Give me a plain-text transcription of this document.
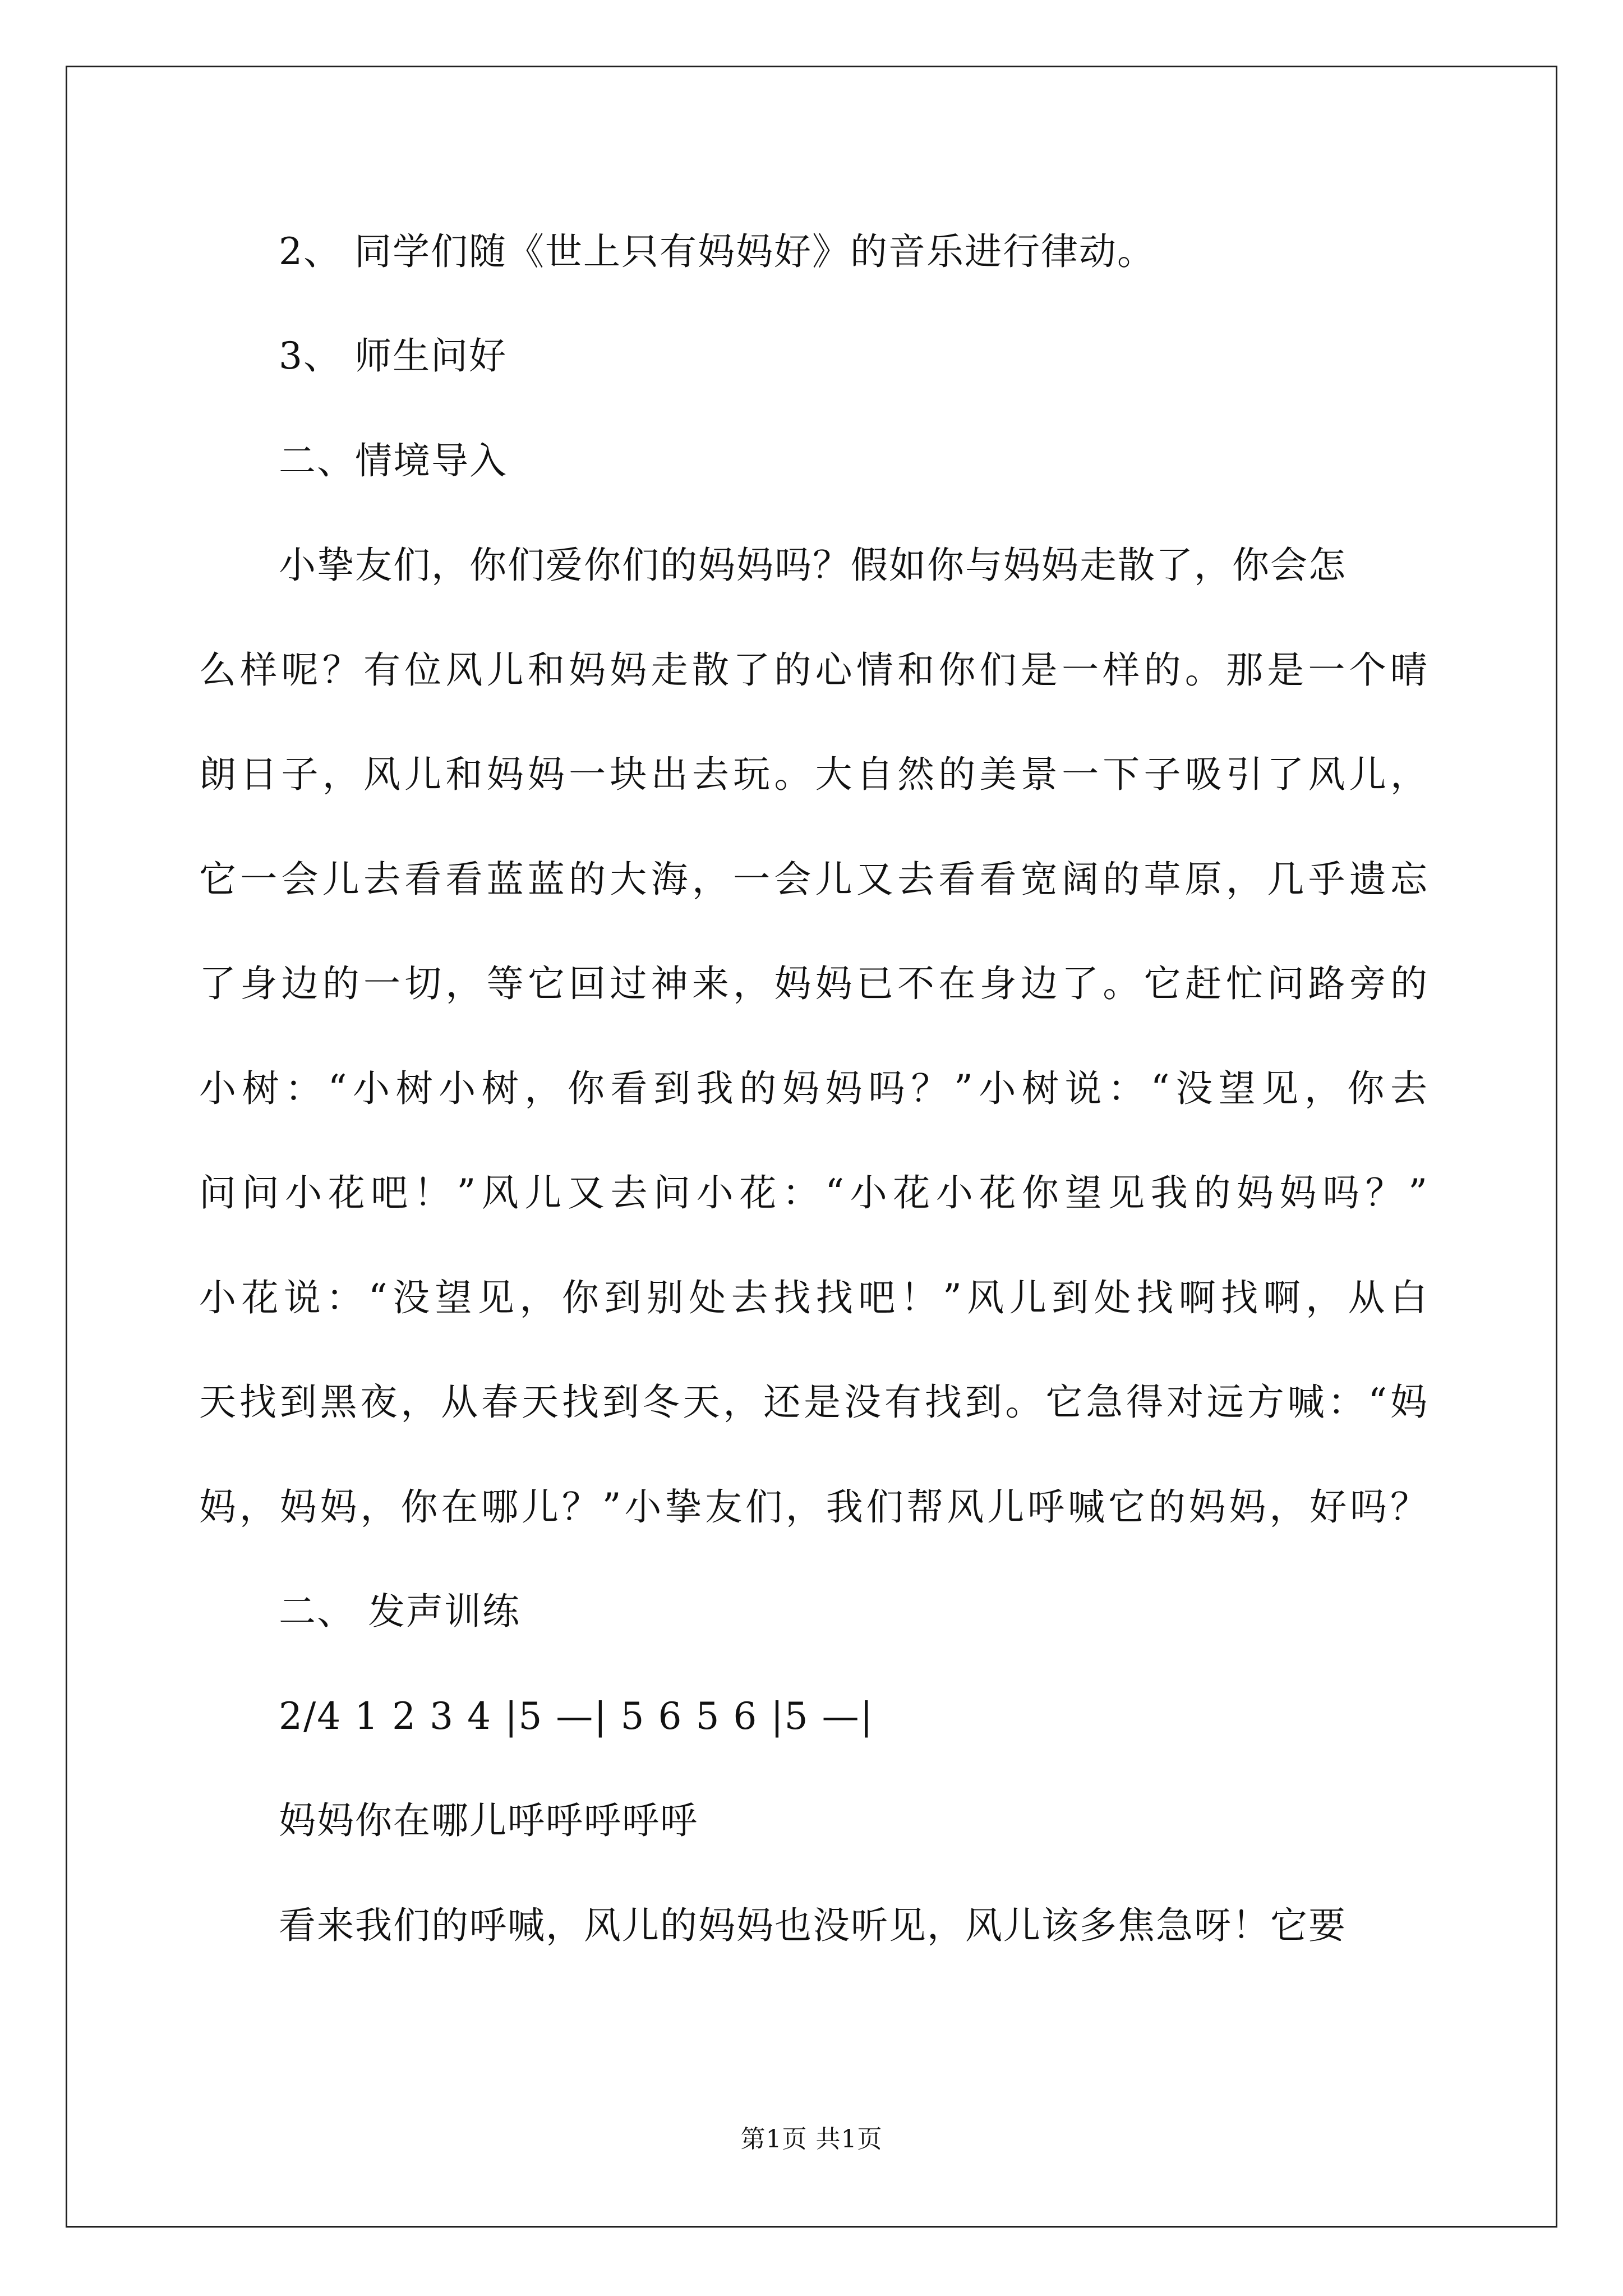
2、 同学们随《世上只有妈妈好》的音乐进行律动。
3、 师生问好
二、情境导入
小挚友们，你们爱你们的妈妈吗？假如你与妈妈走散了，你会怎
么样呢？有位风儿和妈妈走散了的心情和你们是一样的。那是一个晴
朗日子，风儿和妈妈一块出去玩。大自然的美景一下子吸引了风儿，
它一会儿去看看蓝蓝的大海，一会儿又去看看宽阔的草原，几乎遗忘
了身边的一切，等它回过神来，妈妈已不在身边了。它赶忙问路旁的
小树：“小树小树，你看到我的妈妈吗？”小树说：“没望见，你去
问问小花吧！”风儿又去问小花：“小花小花你望见我的妈妈吗？”
小花说：“没望见，你到别处去找找吧！”风儿到处找啊找啊，从白
天找到黑夜，从春天找到冬天，还是没有找到。它急得对远方喊：“妈
妈，妈妈，你在哪儿？”小挚友们，我们帮风儿呼喊它的妈妈，好吗？
二、 发声训练
2/4 1 2 3 4 |5 —| 5 6 5 6 |5 —|
妈妈你在哪儿呼呼呼呼呼
看来我们的呼喊，风儿的妈妈也没听见，风儿该多焦急呀！它要
第1页 共1页
